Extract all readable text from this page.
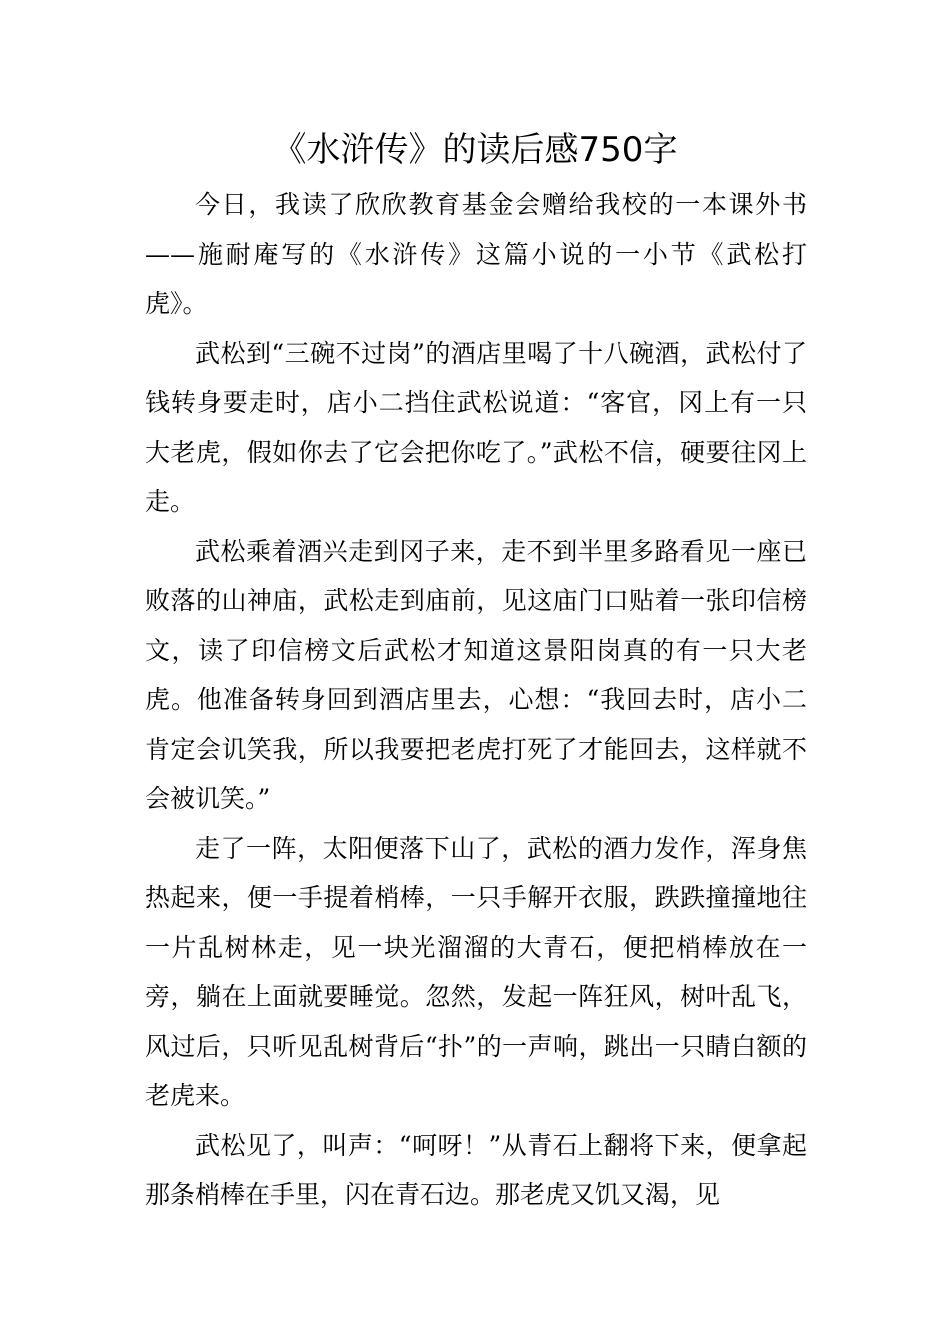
《水浒传》的读后感750字

今日，我读了欣欣教育基金会赠给我校的一本课外书——施耐庵写的《水浒传》这篇小说的一小节《武松打虎》。

武松到“三碗不过岗”的酒店里喝了十八碗酒，武松付了钱转身要走时，店小二挡住武松说道：“客官，冈上有一只大老虎，假如你去了它会把你吃了。”武松不信，硬要往冈上走。

武松乘着酒兴走到冈子来，走不到半里多路看见一座已败落的山神庙，武松走到庙前，见这庙门口贴着一张印信榜文，读了印信榜文后武松才知道这景阳岗真的有一只大老虎。他准备转身回到酒店里去，心想：“我回去时，店小二肯定会讥笑我，所以我要把老虎打死了才能回去，这样就不会被讥笑。”

走了一阵，太阳便落下山了，武松的酒力发作，浑身焦热起来，便一手提着梢棒，一只手解开衣服，跌跌撞撞地往一片乱树林走，见一块光溜溜的大青石，便把梢棒放在一旁，躺在上面就要睡觉。忽然，发起一阵狂风，树叶乱飞，风过后，只听见乱树背后“扑”的一声响，跳出一只睛白额的老虎来。

武松见了，叫声：“呵呀！”从青石上翻将下来，便拿起那条梢棒在手里，闪在青石边。那老虎又饥又渴，见
